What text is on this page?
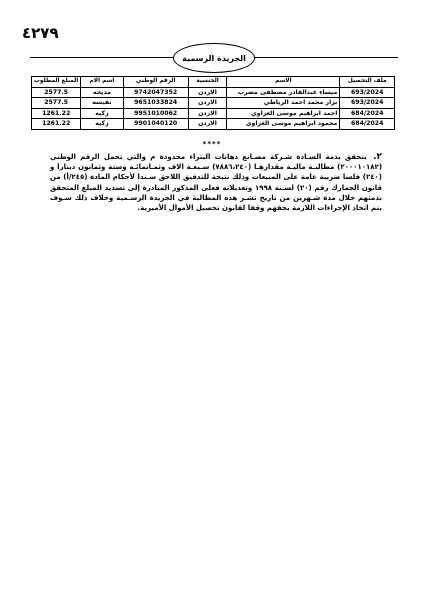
٤٢٧٩
الجريدة الرسمية
ملف التحصيل	الاسم	الجنسية	الرقم الوطني	اسم الام	المبلغ المطلوب
693/2024	ميساء عبدالقادر مصطفى مضرب	الاردن	9742047352	مديحه	2577.5
693/2024	نزار محمد احمد الرياطي	الاردن	9651033824	نفيسه	2577.5
684/2024	احمد ابراهيم موسى الغزاوي	الاردن	9951010062	زكيه	1261.22
684/2024	محمود ابراهيم موسى الغزاوي	الاردن	9901040120	زكيه	1261.22
****
٢. يتحقق بذمة السـادة شـركة مصـانع دهانات البتراء محدودة م والتي تحمل الرقم الوطني (٢٠٠٠١٠١٨٢) مطالبـة ماليـة مقدارهـا (٧٨٨٦،٢٤٠) سـبعـة الاف وثمـانمائـة وستة وثمانون دينارا و (٢٤٠) فلسا ضريبة عامة على المبيعات وذلك نتيجة للتدقيق اللاحق سـندا لأحكام المادة (٢٤٥/أ) من قانون الجمارك رقم (٢٠) لسـنة ١٩٩٨ وتعديلاته فعلى المذكور المبادرة إلى تسديد المبلغ المتحقق بذمتهم خلال مدة شـهرين من تاريخ نشـر هذه المطالبة في الجريدة الرسـمية وخلاف ذلك سـوف يتم اتخاذ الإجراءات اللازمة بحقهم وفقا لقانون تحصيل الأموال الأميرية.
